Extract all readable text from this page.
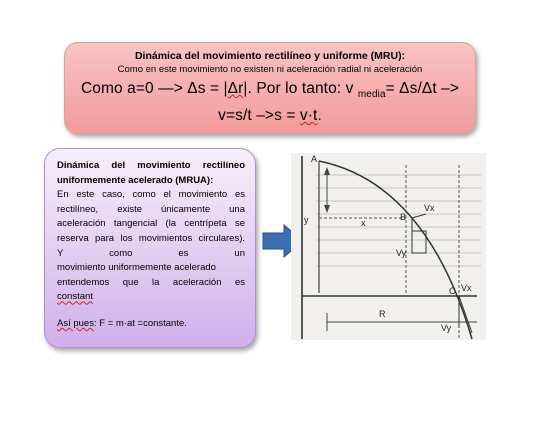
Dinámica del movimiento rectilíneo y uniforme (MRU):
Como en este movimiento no existen ni aceleración radial ni aceleración
Como a=0 —> Δs = |Δr|. Por lo tanto: v $_{media}$= Δs/Δt –>
v=s/t –>s = v·t.
Dinámica del movimiento rectilíneo
uniformemente acelerado (MRUA):
En este caso, como el movimiento es
rectilíneo, existe únicamente una
aceleración tangencial (la centrípeta se
reserva para los movimientos circulares).
Y como es un
movimiento uniformemente acelerado
entendemos que la aceleración es
constant
Así pues: F = m·at =constante.
A
y	x
B
Vx
Vy
C Vx
Vy
R
